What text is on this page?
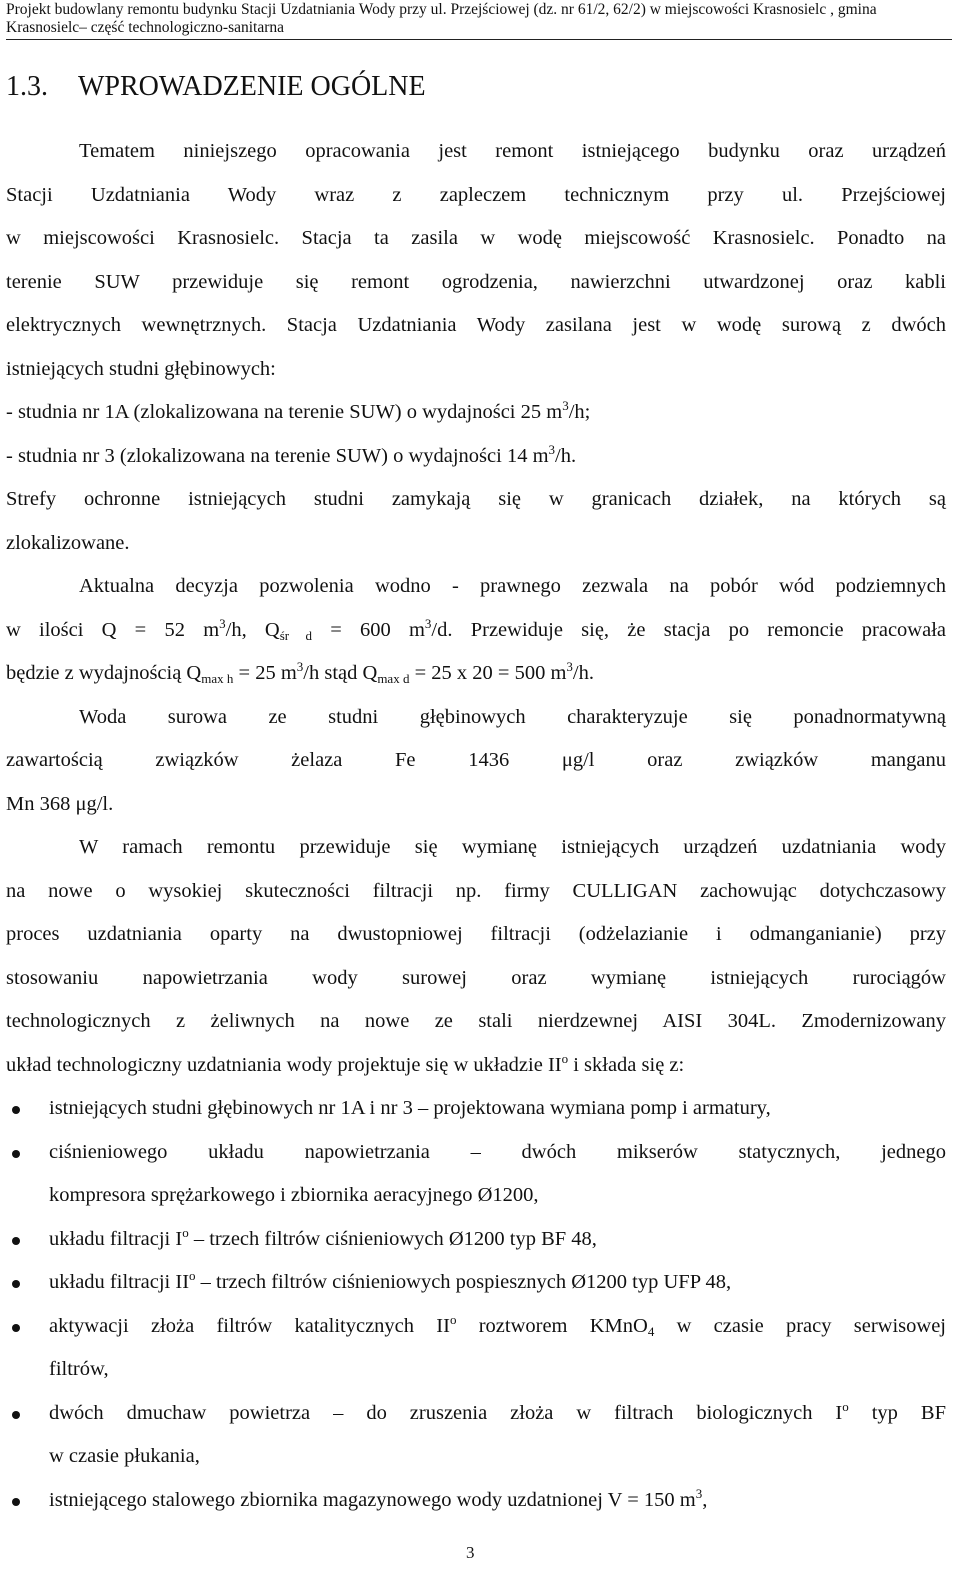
Projekt budowlany remontu budynku Stacji Uzdatniania Wody przy ul. Przejściowej (dz. nr 61/2, 62/2) w miejscowości Krasnosielc , gmina
Krasnosielc– część technologiczno-sanitarna
1.3. WPROWADZENIE OGÓLNE

Tematem niniejszego opracowania jest remont istniejącego budynku oraz urządzeń

Stacji Uzdatniania Wody wraz z zapleczem technicznym przy ul. Przejściowej

w miejscowości Krasnosielc. Stacja ta zasila w wodę miejscowość Krasnosielc. Ponadto na

terenie SUW przewiduje się remont ogrodzenia, nawierzchni utwardzonej oraz kabli

elektrycznych wewnętrznych. Stacja Uzdatniania Wody zasilana jest w wodę surową z dwóch

istniejących studni głębinowych:

- studnia nr 1A (zlokalizowana na terenie SUW) o wydajności 25 $m^3/h$;

- studnia nr 3 (zlokalizowana na terenie SUW) o wydajności 14 $m^3/h$.

Strefy ochronne istniejących studni zamykają się w granicach działek, na których są

zlokalizowane.

Aktualna decyzja pozwolenia wodno - prawnego zezwala na pobór wód podziemnych

w ilości Q = 52 $m^3/h$, $Q_{śr d} = 600$ $m^3/d$. Przewiduje się, że stacja po remoncie pracowała

będzie z wydajnością $Q_{max h} = 25$ $m^3/h$ stąd $Q_{max d} = 25$ x 20 = 500 $m^3/h$.

Woda surowa ze studni głębinowych charakteryzuje się ponadnormatywną

zawartością związków żelaza Fe 1436 μg/l oraz związków manganu

Mn 368 μg/l.

W ramach remontu przewiduje się wymianę istniejących urządzeń uzdatniania wody

na nowe o wysokiej skuteczności filtracji np. firmy CULLIGAN zachowując dotychczasowy

proces uzdatniania oparty na dwustopniowej filtracji (odżelazianie i odmanganianie) przy

stosowaniu napowietrzania wody surowej oraz wymianę istniejących rurociągów

technologicznych z żeliwnych na nowe ze stali nierdzewnej AISI 304L. Zmodernizowany

układ technologiczny uzdatniania wody projektuje się w układzie $II^o$ i składa się z:

istniejących studni głębinowych nr 1A i nr 3 – projektowana wymiana pomp i armatury,
ciśnieniowego układu napowietrzania – dwóch mikserów statycznych, jednego
kompresora sprężarkowego i zbiornika aeracyjnego Ø1200,
układu filtracji $I^o$ – trzech filtrów ciśnieniowych Ø1200 typ BF 48,
układu filtracji $II^o$ – trzech filtrów ciśnieniowych pospiesznych Ø1200 typ UFP 48,
aktywacji złoża filtrów katalitycznych $II^o$ roztworem KMnO$_4$ w czasie pracy serwisowej
filtrów,
dwóch dmuchaw powietrza – do zruszenia złoża w filtrach biologicznych $I^o$ typ BF
w czasie płukania,
istniejącego stalowego zbiornika magazynowego wody uzdatnionej V = 150 $m^3$,
3
